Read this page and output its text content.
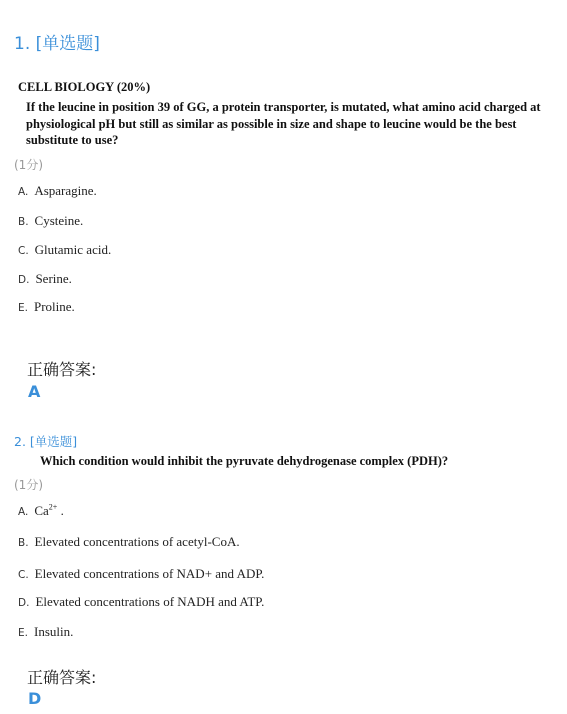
1. [单选题]
CELL BIOLOGY (20%)
If the leucine in position 39 of GG, a protein transporter, is mutated, what amino acid charged at physiological pH but still as similar as possible in size and shape to leucine would be the best substitute to use?
(1分)
A. Asparagine.
B. Cysteine.
C. Glutamic acid.
D. Serine.
E. Proline.
正确答案:
A
2. [单选题]
Which condition would inhibit the pyruvate dehydrogenase complex (PDH)?
(1分)
A. $Ca^{2+}$ .
B. Elevated concentrations of acetyl-CoA.
C. Elevated concentrations of NAD+ and ADP.
D. Elevated concentrations of NADH and ATP.
E. Insulin.
正确答案:
D
